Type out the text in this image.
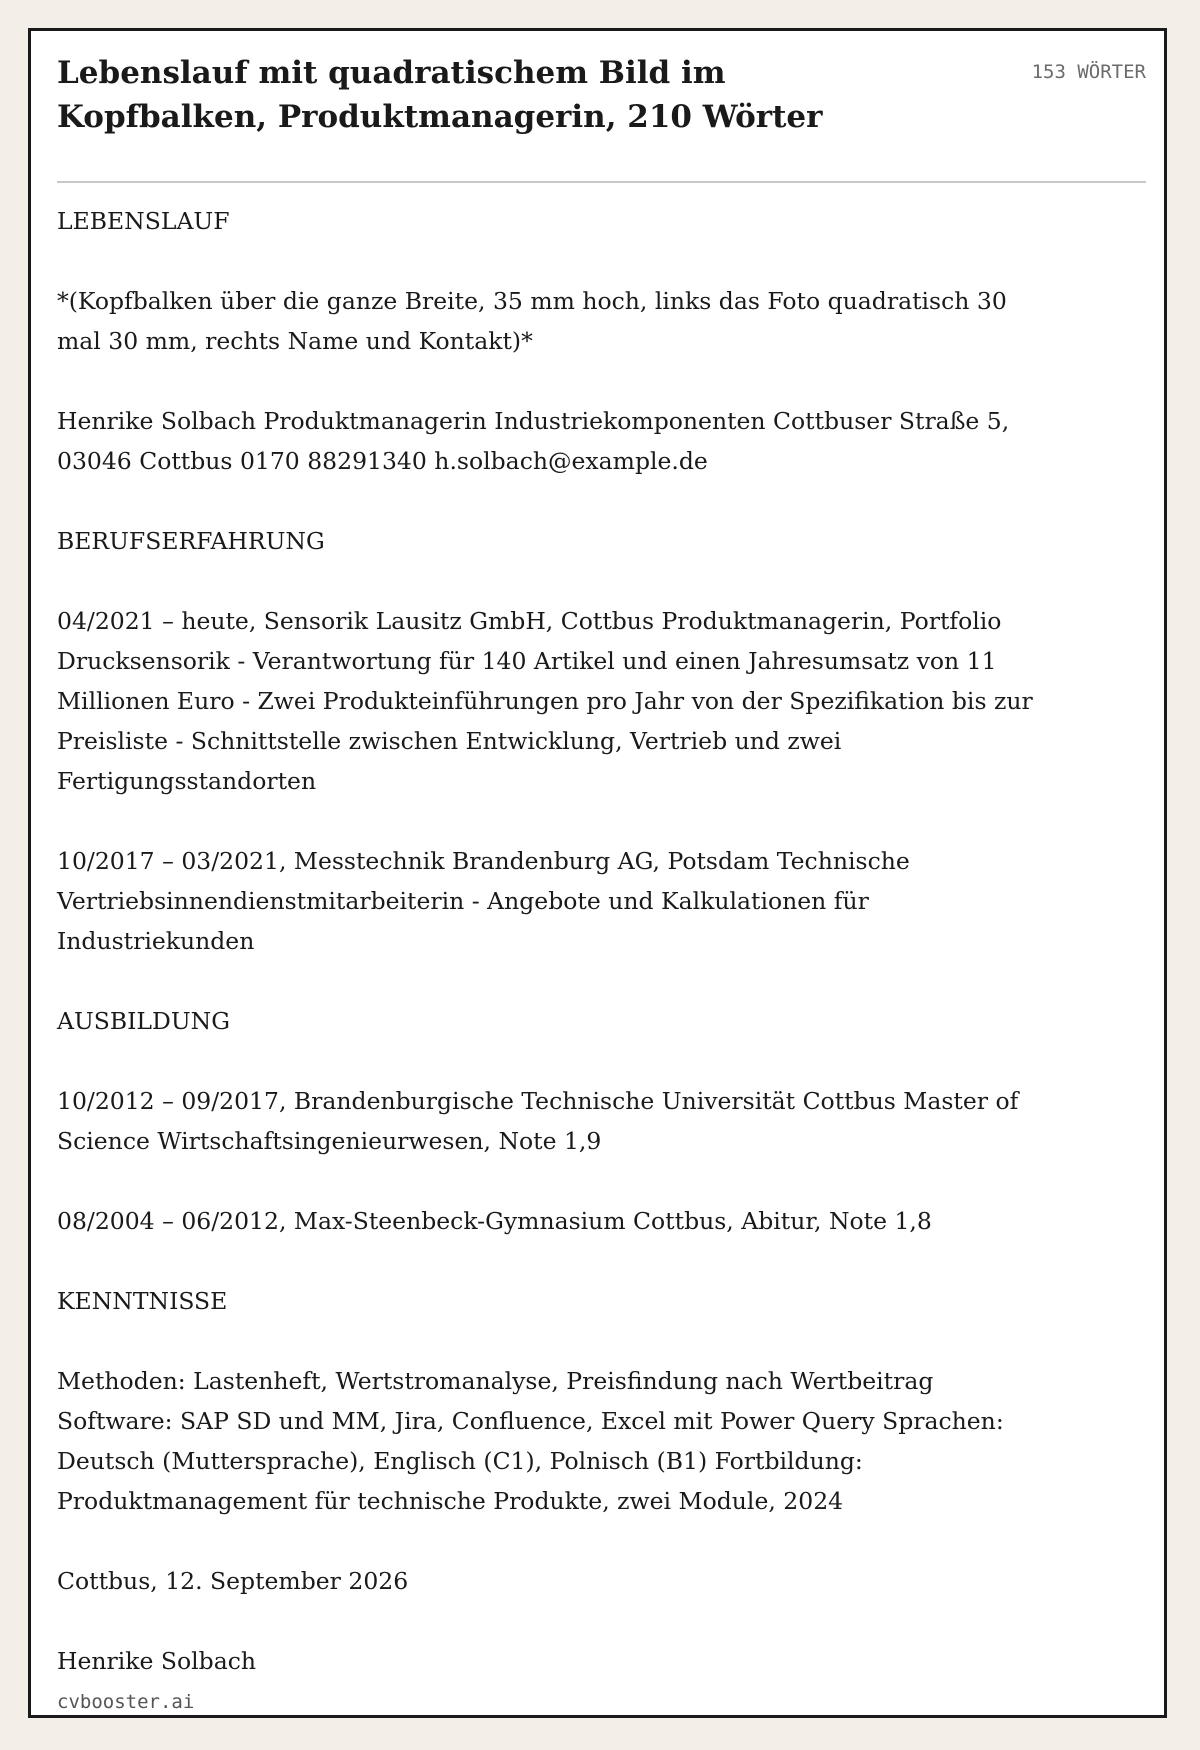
Lebenslauf mit quadratischem Bild im Kopfbalken, Produktmanagerin, 210 Wörter
153 WÖRTER

LEBENSLAUF

*(Kopfbalken über die ganze Breite, 35 mm hoch, links das Foto quadratisch 30 mal 30 mm, rechts Name und Kontakt)*

Henrike Solbach Produktmanagerin Industriekomponenten Cottbuser Straße 5, 03046 Cottbus 0170 88291340 h.solbach@example.de

BERUFSERFAHRUNG

04/2021 – heute, Sensorik Lausitz GmbH, Cottbus Produktmanagerin, Portfolio Drucksensorik - Verantwortung für 140 Artikel und einen Jahresumsatz von 11 Millionen Euro - Zwei Produkteinführungen pro Jahr von der Spezifikation bis zur Preisliste - Schnittstelle zwischen Entwicklung, Vertrieb und zwei Fertigungsstandorten

10/2017 – 03/2021, Messtechnik Brandenburg AG, Potsdam Technische Vertriebsinnendienstmitarbeiterin - Angebote und Kalkulationen für Industriekunden

AUSBILDUNG

10/2012 – 09/2017, Brandenburgische Technische Universität Cottbus Master of Science Wirtschaftsingenieurwesen, Note 1,9

08/2004 – 06/2012, Max-Steenbeck-Gymnasium Cottbus, Abitur, Note 1,8

KENNTNISSE

Methoden: Lastenheft, Wertstromanalyse, Preisfindung nach Wertbeitrag Software: SAP SD und MM, Jira, Confluence, Excel mit Power Query Sprachen: Deutsch (Muttersprache), Englisch (C1), Polnisch (B1) Fortbildung: Produktmanagement für technische Produkte, zwei Module, 2024

Cottbus, 12. September 2026

Henrike Solbach

cvbooster.ai
